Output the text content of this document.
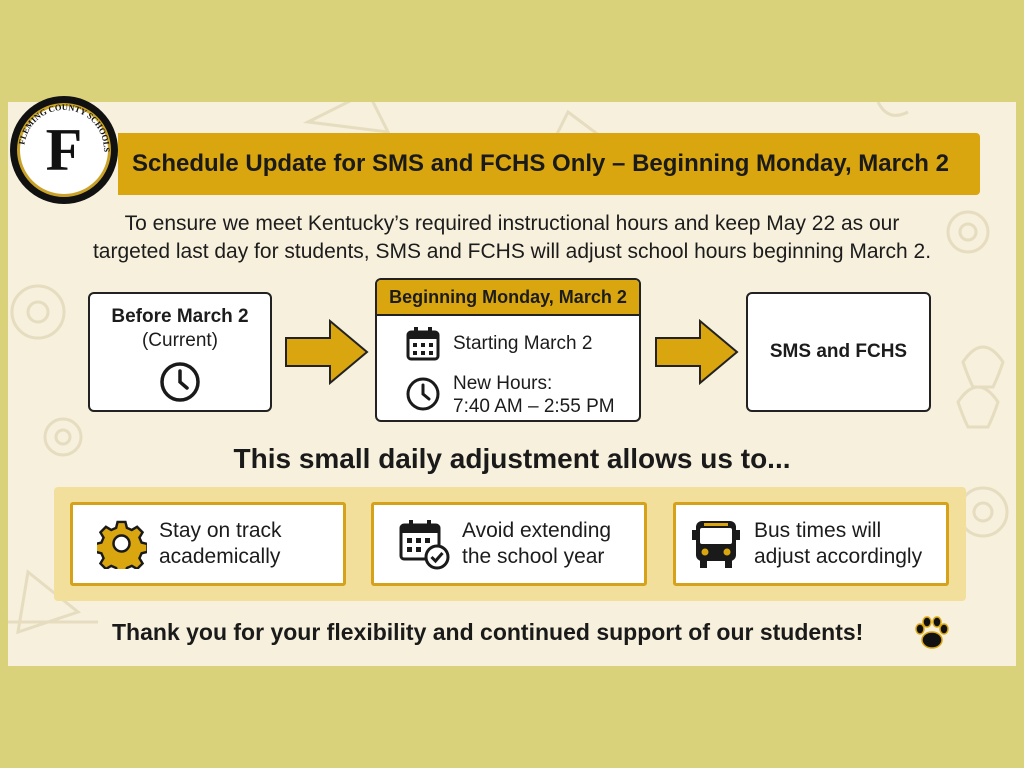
FLEMING COUNTY SCHOOLS
F Schedule Update for SMS and FCHS Only – Beginning Monday, March 2
To ensure we meet Kentucky’s required instructional hours and keep May 22 as our
targeted last day for students, SMS and FCHS will adjust school hours beginning March 2.
Before March 2
(Current)
Beginning Monday, March 2
Starting March 2
New Hours:
7:40 AM – 2:55 PM
SMS and FCHS
This small daily adjustment allows us to...
Stay on track
academically
Avoid extending
the school year
Bus times will
adjust accordingly
Thank you for your flexibility and continued support of our students!
